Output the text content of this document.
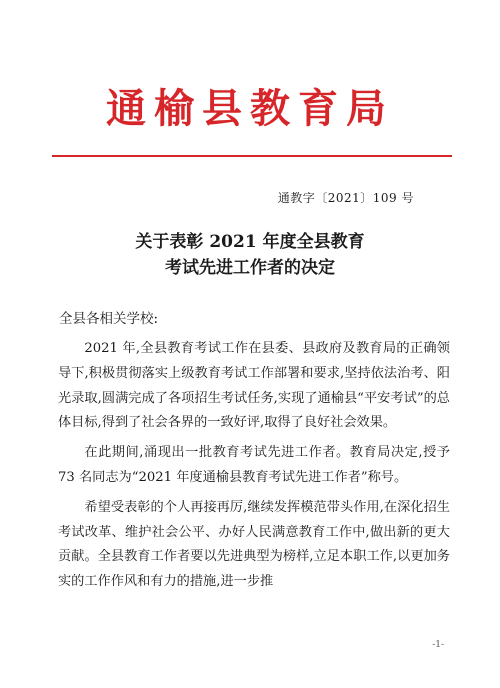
通榆县教育局
通教字〔2021〕109 号
关于表彰 2021 年度全县教育
考试先进工作者的决定
全县各相关学校:

2021 年,全县教育考试工作在县委、县政府及教育局的正确领导下,积极贯彻落实上级教育考试工作部署和要求,坚持依法治考、阳光录取,圆满完成了各项招生考试任务,实现了通榆县“平安考试”的总体目标,得到了社会各界的一致好评,取得了良好社会效果。

在此期间,涌现出一批教育考试先进工作者。教育局决定,授予 73 名同志为“2021 年度通榆县教育考试先进工作者”称号。

希望受表彰的个人再接再厉,继续发挥模范带头作用,在深化招生考试改革、维护社会公平、办好人民满意教育工作中,做出新的更大贡献。全县教育工作者要以先进典型为榜样,立足本职工作,以更加务实的工作作风和有力的措施,进一步推

-1-
